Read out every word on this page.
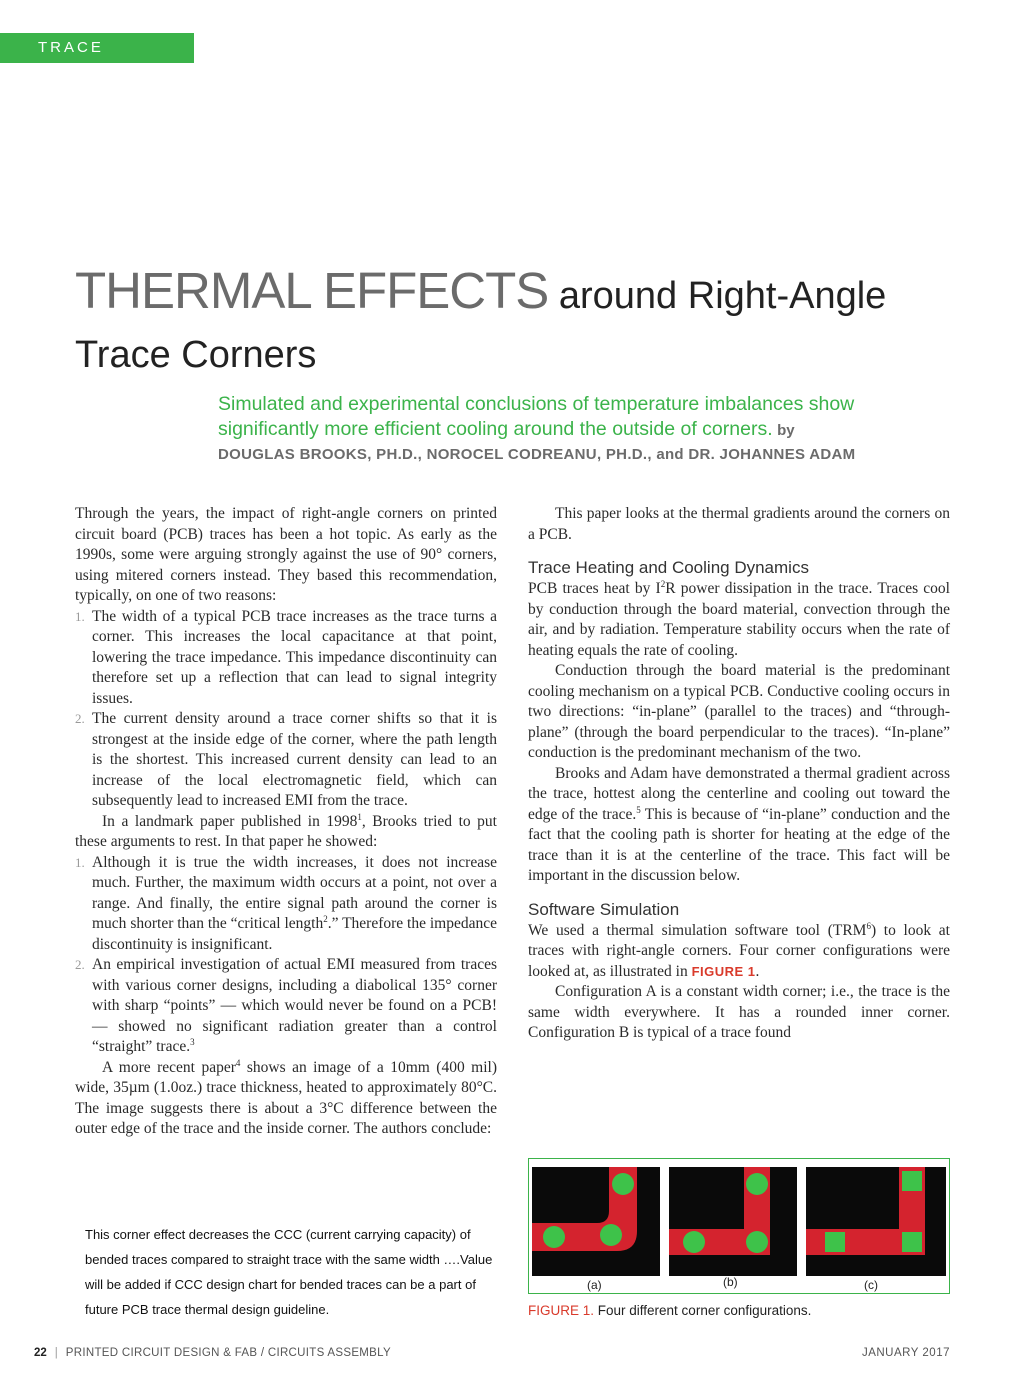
TRACE COOLING
THERMAL EFFECTS around Right-Angle
Trace Corners
Simulated and experimental conclusions of temperature imbalances show significantly more efficient cooling around the outside of corners. by
DOUGLAS BROOKS, PH.D., NOROCEL CODREANU, PH.D., and DR. JOHANNES ADAM

Through the years, the impact of right-angle corners on printed circuit board (PCB) traces has been a hot topic. As early as the 1990s, some were arguing strongly against the use of 90° corners, using mitered corners instead. They based this recommendation, typically, on one of two reasons:

1. The width of a typical PCB trace increases as the trace turns a corner. This increases the local capacitance at that point, lowering the trace impedance. This impedance discontinuity can therefore set up a reflection that can lead to signal integrity issues.
2. The current density around a trace corner shifts so that it is strongest at the inside edge of the corner, where the path length is the shortest. This increased current density can lead to an increase of the local electromagnetic field, which can subsequently lead to increased EMI from the trace.

In a landmark paper published in 1998$^1$, Brooks tried to put these arguments to rest. In that paper he showed:

1. Although it is true the width increases, it does not increase much. Further, the maximum width occurs at a point, not over a range. And finally, the entire signal path around the corner is much shorter than the “critical length$^2$.” Therefore the impedance discontinuity is insignificant.
2. An empirical investigation of actual EMI measured from traces with various corner designs, including a diabolical 135° corner with sharp “points” — which would never be found on a PCB! — showed no significant radiation greater than a control “straight” trace.$^3$

A more recent paper$^4$ shows an image of a 10mm (400 mil) wide, 35µm (1.0oz.) trace thickness, heated to approximately 80°C. The image suggests there is about a 3°C difference between the outer edge of the trace and the inside corner. The authors conclude:

This corner effect decreases the CCC (current carrying capacity) of bended traces compared to straight trace with the same width ….Value will be added if CCC design chart for bended traces can be a part of future PCB trace thermal design guideline.

This paper looks at the thermal gradients around the corners on a PCB.

Trace Heating and Cooling Dynamics

PCB traces heat by $I^2R$ power dissipation in the trace. Traces cool by conduction through the board material, convection through the air, and by radiation. Temperature stability occurs when the rate of heating equals the rate of cooling.

Conduction through the board material is the predominant cooling mechanism on a typical PCB. Conductive cooling occurs in two directions: “in-plane” (parallel to the traces) and “through-plane” (through the board perpendicular to the traces). “In-plane” conduction is the predominant mechanism of the two.

Brooks and Adam have demonstrated a thermal gradient across the trace, hottest along the centerline and cooling out toward the edge of the trace.$^5$ This is because of “in-plane” conduction and the fact that the cooling path is shorter for heating at the edge of the trace than it is at the centerline of the trace. This fact will be important in the discussion below.

Software Simulation

We used a thermal simulation software tool (TRM$^6$) to look at traces with right-angle corners. Four corner configurations were looked at, as illustrated in FIGURE 1.

Configuration A is a constant width corner; i.e., the trace is the same width everywhere. It has a rounded inner corner. Configuration B is typical of a trace found

(a)	(b)	(c)
FIGURE 1. Four different corner configurations.
22 | PRINTED CIRCUIT DESIGN & FAB / CIRCUITS ASSEMBLY	JANUARY 2017
